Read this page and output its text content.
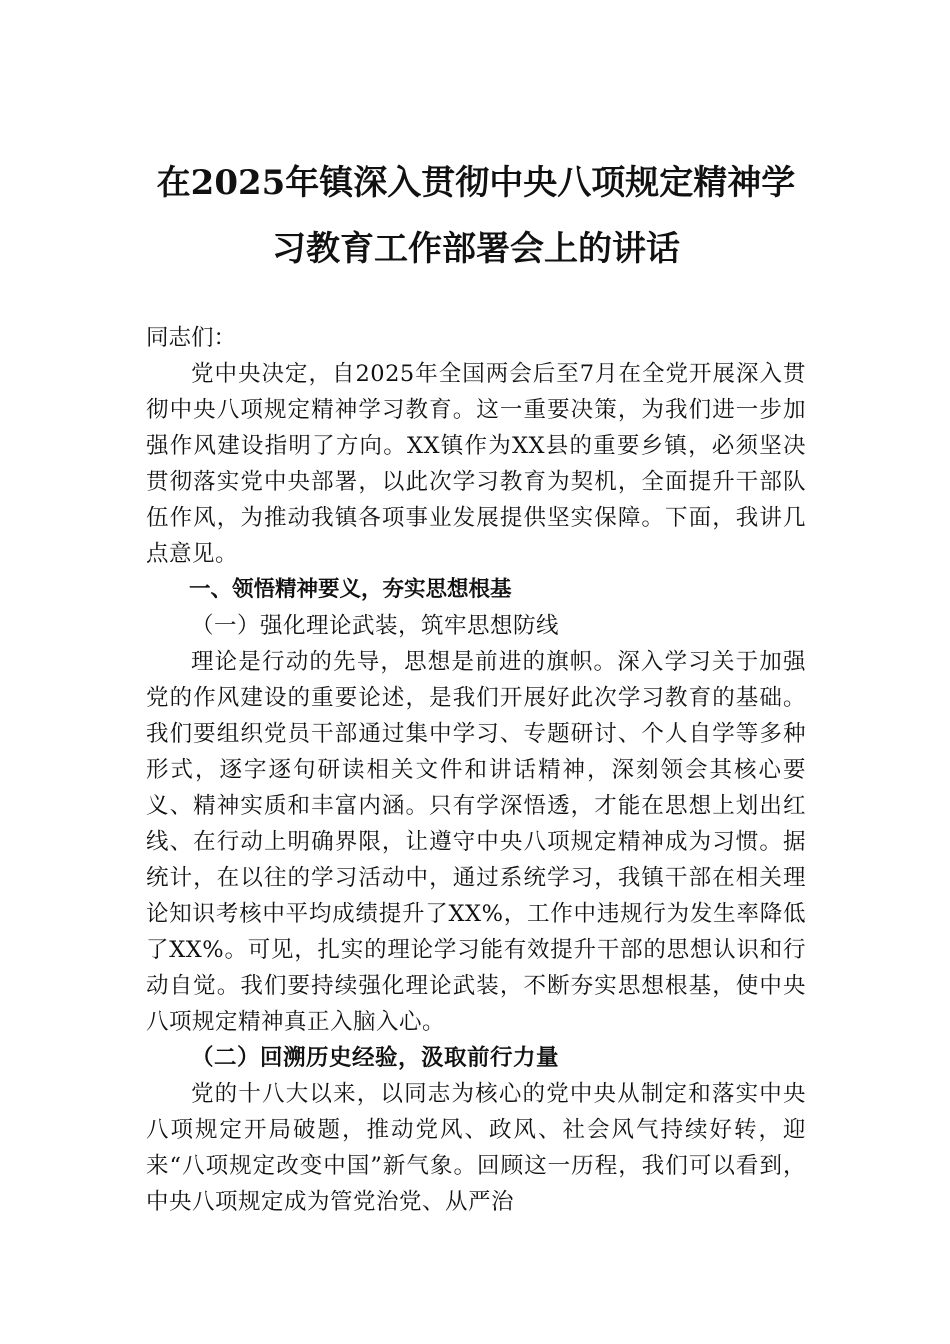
在2025年镇深入贯彻中央八项规定精神学
习教育工作部署会上的讲话

同志们：

党中央决定，自2025年全国两会后至7月在全党开展深入贯彻中央八项规定精神学习教育。这一重要决策，为我们进一步加强作风建设指明了方向。XX镇作为XX县的重要乡镇，必须坚决贯彻落实党中央部署，以此次学习教育为契机，全面提升干部队伍作风，为推动我镇各项事业发展提供坚实保障。下面，我讲几点意见。

一、领悟精神要义，夯实思想根基

（一）强化理论武装，筑牢思想防线

理论是行动的先导，思想是前进的旗帜。深入学习关于加强党的作风建设的重要论述，是我们开展好此次学习教育的基础。我们要组织党员干部通过集中学习、专题研讨、个人自学等多种形式，逐字逐句研读相关文件和讲话精神，深刻领会其核心要义、精神实质和丰富内涵。只有学深悟透，才能在思想上划出红线、在行动上明确界限，让遵守中央八项规定精神成为习惯。据统计，在以往的学习活动中，通过系统学习，我镇干部在相关理论知识考核中平均成绩提升了XX%，工作中违规行为发生率降低了XX%。可见，扎实的理论学习能有效提升干部的思想认识和行动自觉。我们要持续强化理论武装，不断夯实思想根基，使中央八项规定精神真正入脑入心。

（二）回溯历史经验，汲取前行力量

党的十八大以来，以同志为核心的党中央从制定和落实中央八项规定开局破题，推动党风、政风、社会风气持续好转，迎来“八项规定改变中国”新气象。回顾这一历程，我们可以看到，中央八项规定成为管党治党、从严治
